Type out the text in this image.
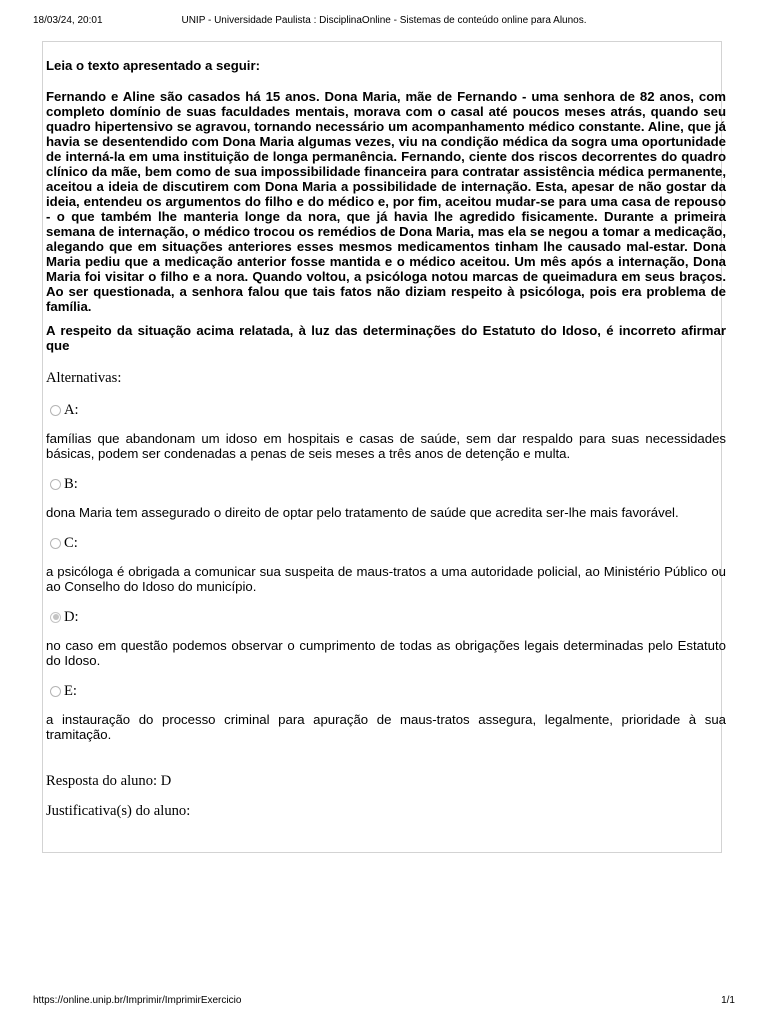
18/03/24, 20:01	UNIP - Universidade Paulista : DisciplinaOnline - Sistemas de conteúdo online para Alunos.

Leia o texto apresentado a seguir:

Fernando e Aline são casados há 15 anos. Dona Maria, mãe de Fernando - uma senhora de 82 anos, com completo domínio de suas faculdades mentais, morava com o casal até poucos meses atrás, quando seu quadro hipertensivo se agravou, tornando necessário um acompanhamento médico constante. Aline, que já havia se desentendido com Dona Maria algumas vezes, viu na condição médica da sogra uma oportunidade de interná-la em uma instituição de longa permanência. Fernando, ciente dos riscos decorrentes do quadro clínico da mãe, bem como de sua impossibilidade financeira para contratar assistência médica permanente, aceitou a ideia de discutirem com Dona Maria a possibilidade de internação. Esta, apesar de não gostar da ideia, entendeu os argumentos do filho e do médico e, por fim, aceitou mudar-se para uma casa de repouso - o que também lhe manteria longe da nora, que já havia lhe agredido fisicamente. Durante a primeira semana de internação, o médico trocou os remédios de Dona Maria, mas ela se negou a tomar a medicação, alegando que em situações anteriores esses mesmos medicamentos tinham lhe causado mal-estar. Dona Maria pediu que a medicação anterior fosse mantida e o médico aceitou. Um mês após a internação, Dona Maria foi visitar o filho e a nora. Quando voltou, a psicóloga notou marcas de queimadura em seus braços. Ao ser questionada, a senhora falou que tais fatos não diziam respeito à psicóloga, pois era problema de família.

A respeito da situação acima relatada, à luz das determinações do Estatuto do Idoso, é incorreto afirmar que

Alternativas:
A:
famílias que abandonam um idoso em hospitais e casas de saúde, sem dar respaldo para suas necessidades básicas, podem ser condenadas a penas de seis meses a três anos de detenção e multa.
B:
dona Maria tem assegurado o direito de optar pelo tratamento de saúde que acredita ser-lhe mais favorável.
C:
a psicóloga é obrigada a comunicar sua suspeita de maus-tratos a uma autoridade policial, ao Ministério Público ou ao Conselho do Idoso do município.
D:
no caso em questão podemos observar o cumprimento de todas as obrigações legais determinadas pelo Estatuto do Idoso.
E:
a instauração do processo criminal para apuração de maus-tratos assegura, legalmente, prioridade à sua tramitação.
Resposta do aluno: D
Justificativa(s) do aluno:
https://online.unip.br/Imprimir/ImprimirExercicio	1/1
